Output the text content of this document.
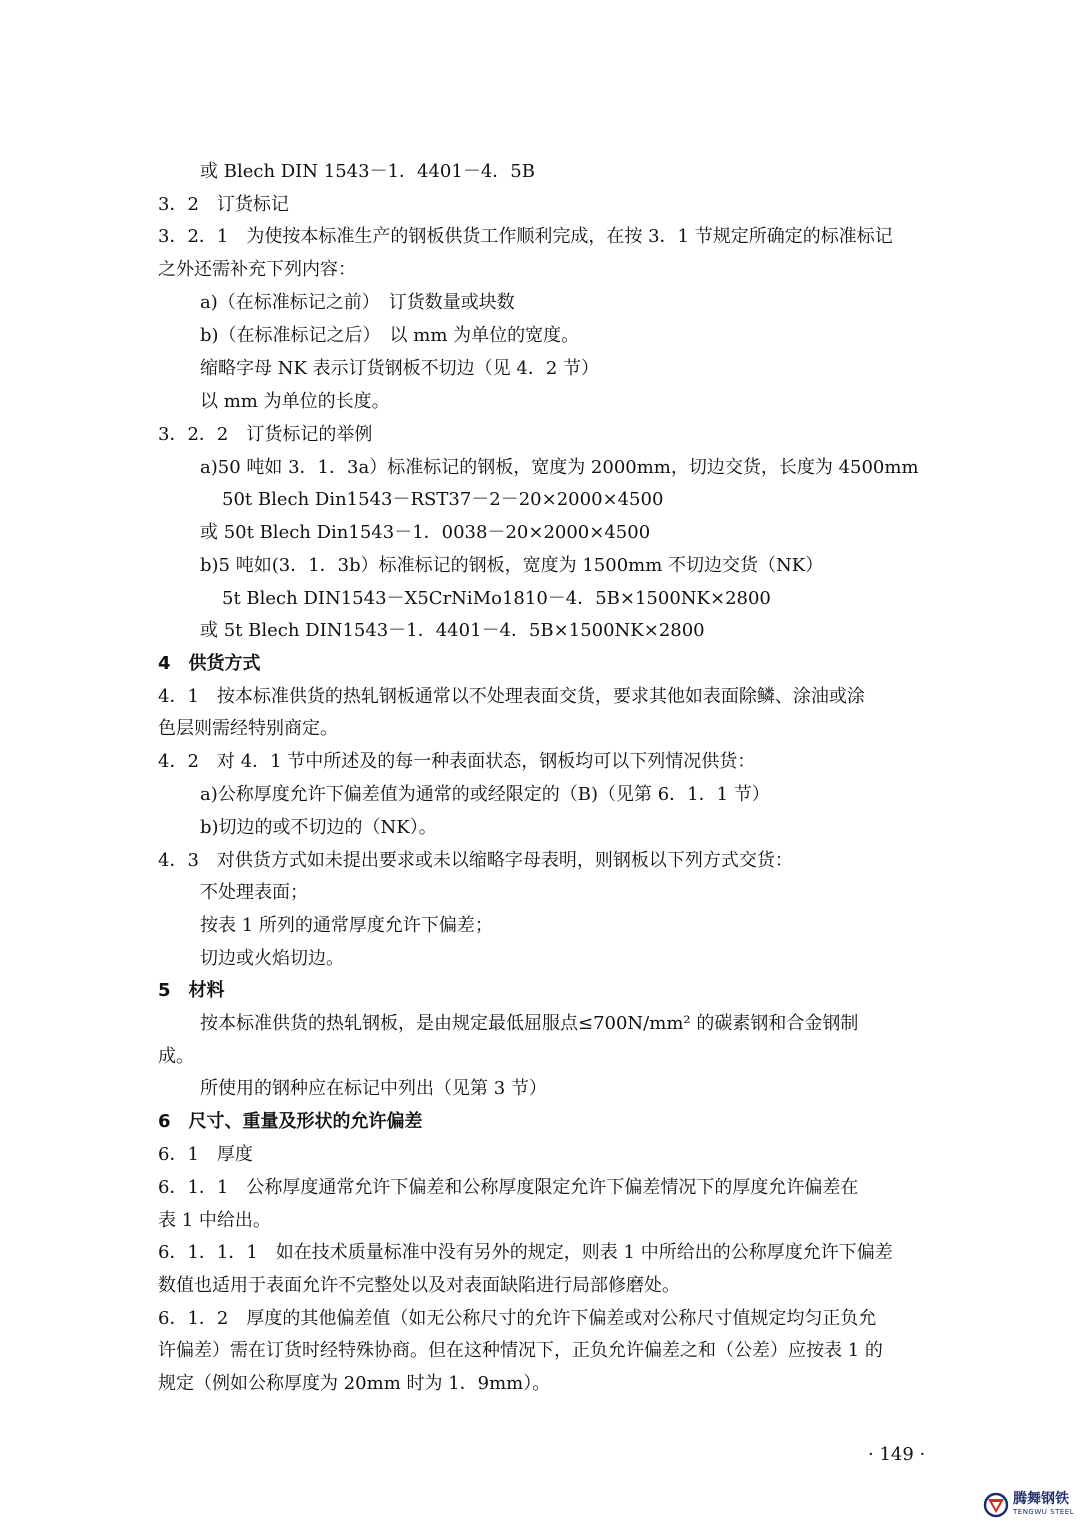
或 Blech DIN 1543－1．4401－4．5B
3．2　订货标记
3．2．1　为使按本标准生产的钢板供货工作顺利完成，在按 3．1 节规定所确定的标准标记
之外还需补充下列内容：
a)（在标准标记之前）　订货数量或块数
b)（在标准标记之后）　以 mm 为单位的宽度。
缩略字母 NK 表示订货钢板不切边（见 4．2 节）
以 mm 为单位的长度。
3．2．2　订货标记的举例
a)50 吨如 3．1．3a）标准标记的钢板，宽度为 2000mm，切边交货，长度为 4500mm
50t Blech Din1543－RST37－2－20×2000×4500
或 50t Blech Din1543－1．0038－20×2000×4500
b)5 吨如(3．1．3b）标准标记的钢板，宽度为 1500mm 不切边交货（NK）
5t Blech DIN1543－X5CrNiMo1810－4．5B×1500NK×2800
或 5t Blech DIN1543－1．4401－4．5B×1500NK×2800
4　供货方式
4．1　按本标准供货的热轧钢板通常以不处理表面交货，要求其他如表面除鳞、涂油或涂
色层则需经特别商定。
4．2　对 4．1 节中所述及的每一种表面状态，钢板均可以下列情况供货：
a)公称厚度允许下偏差值为通常的或经限定的（B)（见第 6．1．1 节）
b)切边的或不切边的（NK）。
4．3　对供货方式如未提出要求或未以缩略字母表明，则钢板以下列方式交货：
不处理表面；
按表 1 所列的通常厚度允许下偏差；
切边或火焰切边。
5　材料
按本标准供货的热轧钢板，是由规定最低屈服点≤700N/mm² 的碳素钢和合金钢制
成。
所使用的钢种应在标记中列出（见第 3 节）
6　尺寸、重量及形状的允许偏差
6．1　厚度
6．1．1　公称厚度通常允许下偏差和公称厚度限定允许下偏差情况下的厚度允许偏差在
表 1 中给出。
6．1．1．1　如在技术质量标准中没有另外的规定，则表 1 中所给出的公称厚度允许下偏差
数值也适用于表面允许不完整处以及对表面缺陷进行局部修磨处。
6．1．2　厚度的其他偏差值（如无公称尺寸的允许下偏差或对公称尺寸值规定均匀正负允
许偏差）需在订货时经特殊协商。但在这种情况下，正负允许偏差之和（公差）应按表 1 的
规定（例如公称厚度为 20mm 时为 1．9mm）。
· 149 ·
腾舞钢铁
TENGWU STEEL
